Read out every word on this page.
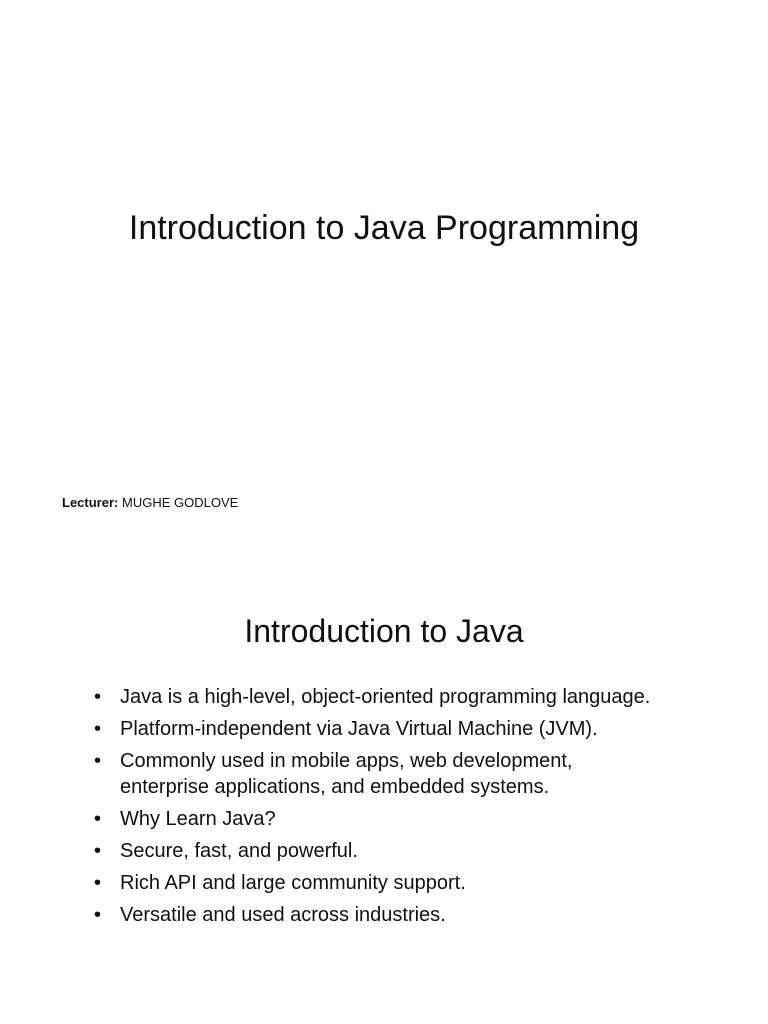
Introduction to Java Programming
Lecturer: MUGHE GODLOVE
Introduction to Java
• Java is a high-level, object-oriented programming language.
• Platform-independent via Java Virtual Machine (JVM).
• Commonly used in mobile apps, web development, enterprise applications, and embedded systems.
• Why Learn Java?
• Secure, fast, and powerful.
• Rich API and large community support.
• Versatile and used across industries.
